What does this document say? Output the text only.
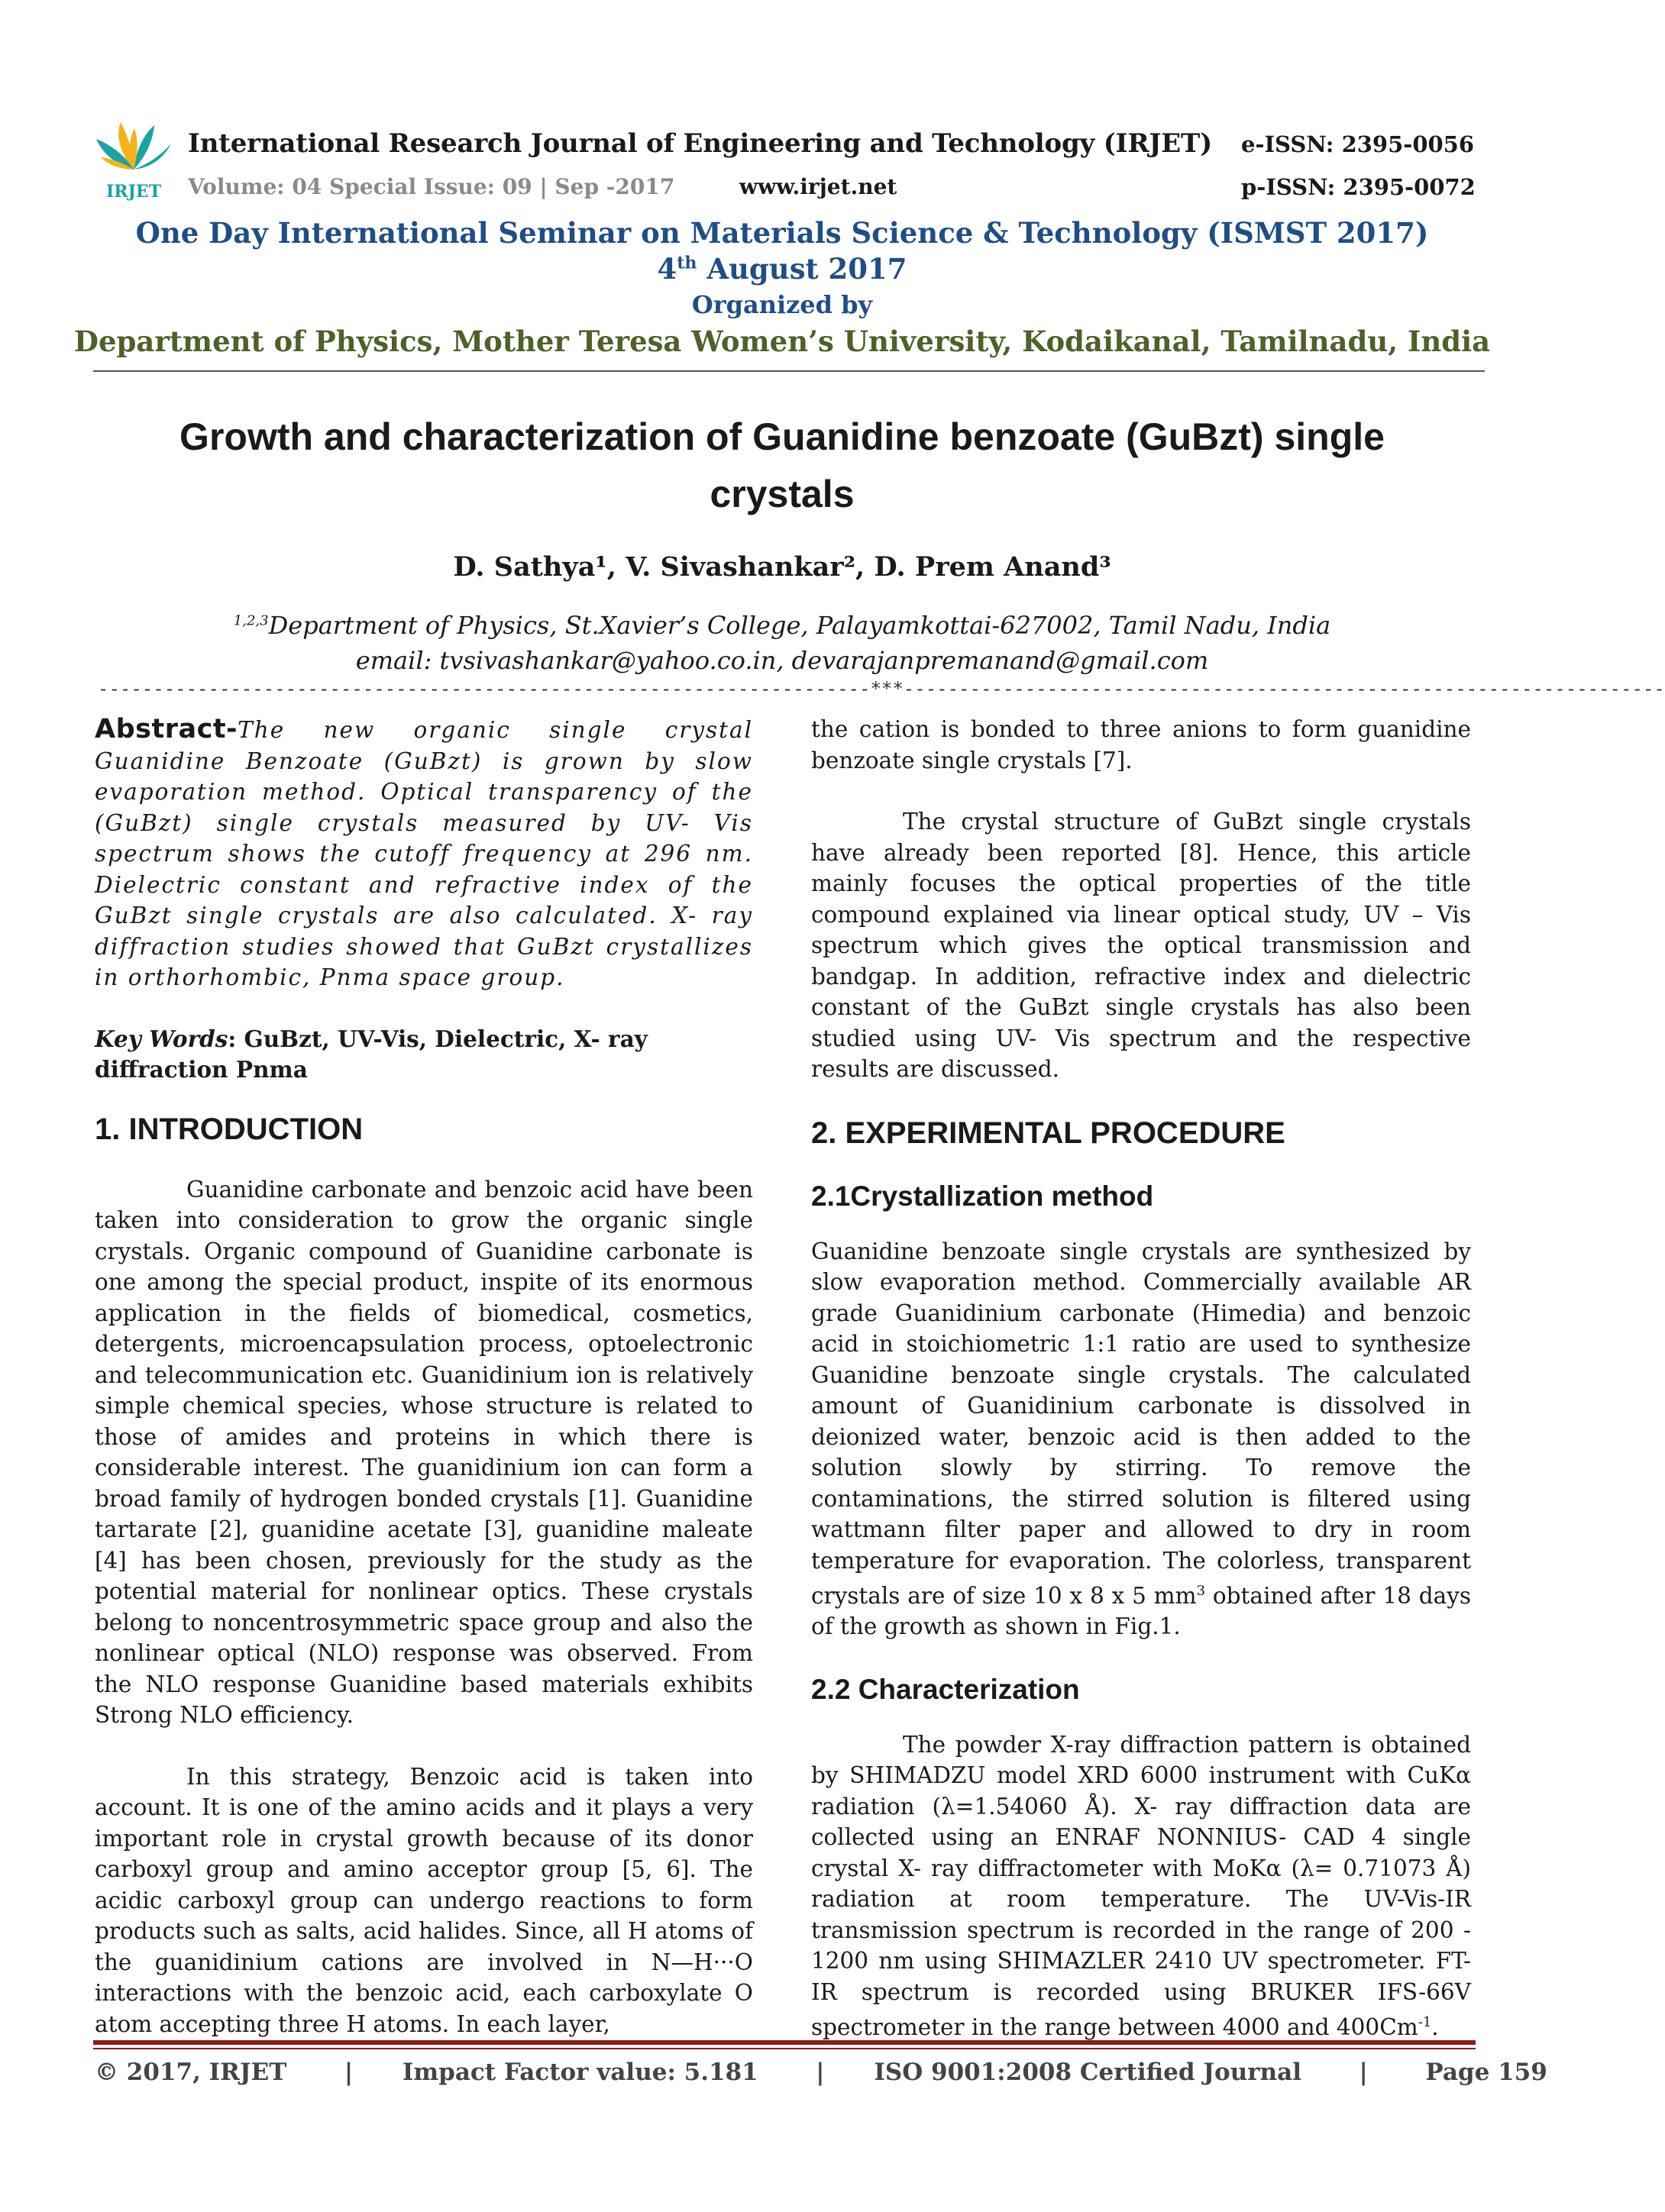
IRJET
International Research Journal of Engineering and Technology (IRJET) e-ISSN: 2395-0056
Volume: 04 Special Issue: 09 | Sep -2017	www.irjet.net	p-ISSN: 2395-0072
One Day International Seminar on Materials Science & Technology (ISMST 2017)
4th August 2017
Organized by
Department of Physics, Mother Teresa Women’s University, Kodaikanal, Tamilnadu, India
Growth and characterization of Guanidine benzoate (GuBzt) single crystals
D. Sathya¹, V. Sivashankar², D. Prem Anand³
$^{1,2,3}$Department of Physics, St.Xavier’s College, Palayamkottai-627002, Tamil Nadu, India
email: tvsivashankar@yahoo.co.in, devarajanpremanand@gmail.com
----------------------------------------------------------------------***---------------------------------------------------------------------

Abstract-The new organic single crystal Guanidine Benzoate (GuBzt) is grown by slow evaporation method. Optical transparency of the (GuBzt) single crystals measured by UV- Vis spectrum shows the cutoff frequency at 296 nm. Dielectric constant and refractive index of the GuBzt single crystals are also calculated. X- ray diffraction studies showed that GuBzt crystallizes in orthorhombic, Pnma space group.

Key Words: GuBzt, UV-Vis, Dielectric, X- ray diffraction Pnma

1. INTRODUCTION

Guanidine carbonate and benzoic acid have been taken into consideration to grow the organic single crystals. Organic compound of Guanidine carbonate is one among the special product, inspite of its enormous application in the fields of biomedical, cosmetics, detergents, microencapsulation process, optoelectronic and telecommunication etc. Guanidinium ion is relatively simple chemical species, whose structure is related to those of amides and proteins in which there is considerable interest. The guanidinium ion can form a broad family of hydrogen bonded crystals [1]. Guanidine tartarate [2], guanidine acetate [3], guanidine maleate [4] has been chosen, previously for the study as the potential material for nonlinear optics. These crystals belong to noncentrosymmetric space group and also the nonlinear optical (NLO) response was observed. From the NLO response Guanidine based materials exhibits Strong NLO efficiency.

In this strategy, Benzoic acid is taken into account. It is one of the amino acids and it plays a very important role in crystal growth because of its donor carboxyl group and amino acceptor group [5, 6]. The acidic carboxyl group can undergo reactions to form products such as salts, acid halides. Since, all H atoms of the guanidinium cations are involved in N—H···O interactions with the benzoic acid, each carboxylate O atom accepting three H atoms. In each layer,

the cation is bonded to three anions to form guanidine benzoate single crystals [7].

The crystal structure of GuBzt single crystals have already been reported [8]. Hence, this article mainly focuses the optical properties of the title compound explained via linear optical study, UV – Vis spectrum which gives the optical transmission and bandgap. In addition, refractive index and dielectric constant of the GuBzt single crystals has also been studied using UV- Vis spectrum and the respective results are discussed.

2. EXPERIMENTAL PROCEDURE
2.1Crystallization method

Guanidine benzoate single crystals are synthesized by slow evaporation method. Commercially available AR grade Guanidinium carbonate (Himedia) and benzoic acid in stoichiometric 1:1 ratio are used to synthesize Guanidine benzoate single crystals. The calculated amount of Guanidinium carbonate is dissolved in deionized water, benzoic acid is then added to the solution slowly by stirring. To remove the contaminations, the stirred solution is filtered using wattmann filter paper and allowed to dry in room temperature for evaporation. The colorless, transparent crystals are of size 10 x 8 x 5 $mm^3$ obtained after 18 days of the growth as shown in Fig.1.

2.2 Characterization

The powder X-ray diffraction pattern is obtained by SHIMADZU model XRD 6000 instrument with CuKα radiation (λ=1.54060 Å). X- ray diffraction data are collected using an ENRAF NONNIUS- CAD 4 single crystal X- ray diffractometer with MoKα (λ= 0.71073 Å) radiation at room temperature. The UV-Vis-IR transmission spectrum is recorded in the range of 200 - 1200 nm using SHIMAZLER 2410 UV spectrometer. FT-IR spectrum is recorded using BRUKER IFS-66V spectrometer in the range between 4000 and $400Cm^{-1}$.

© 2017, IRJET       |      Impact Factor value: 5.181       |      ISO 9001:2008 Certified Journal       |       Page 159
